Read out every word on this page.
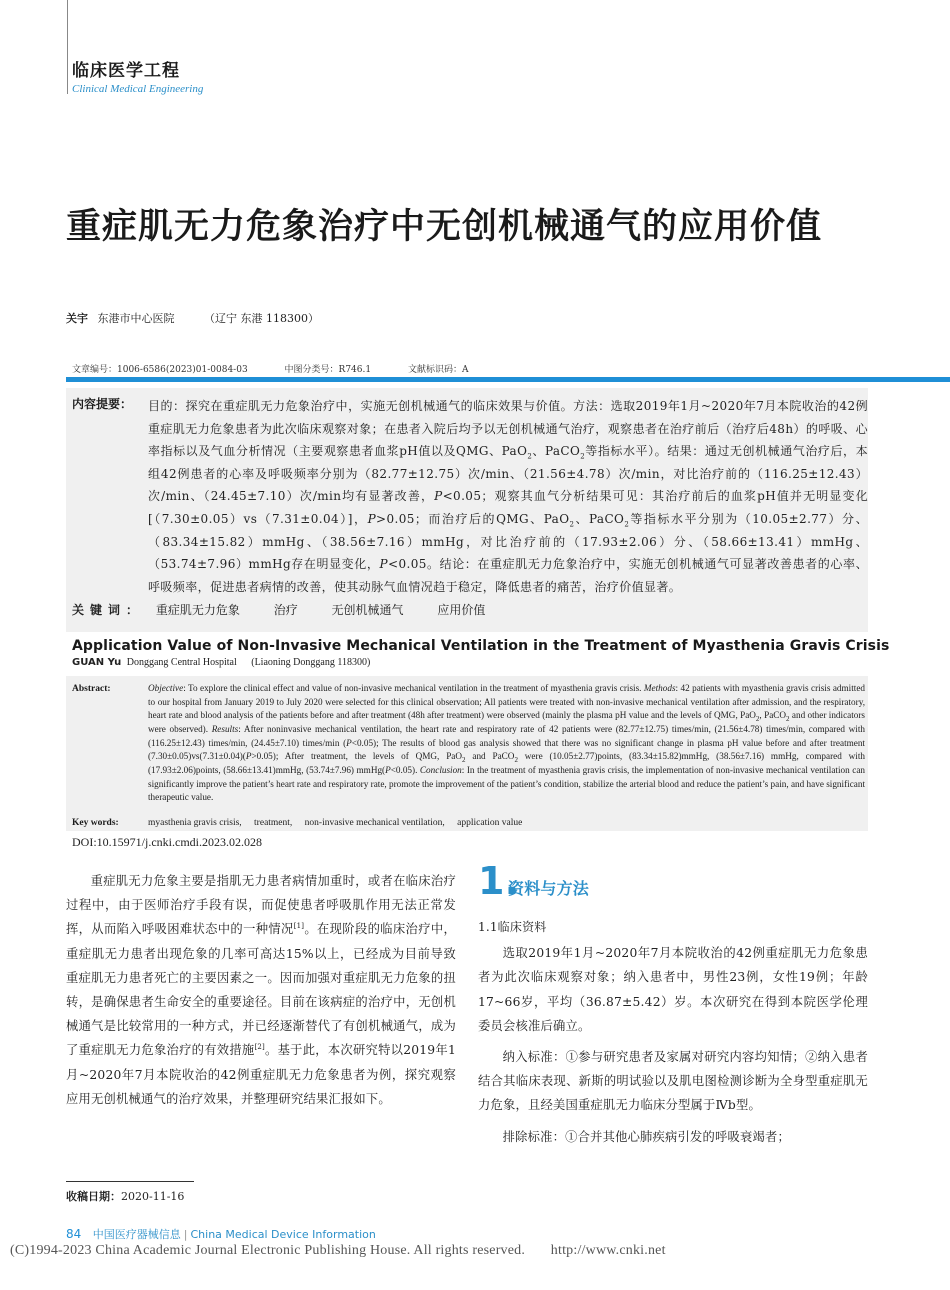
临床医学工程
Clinical Medical Engineering
重症肌无力危象治疗中无创机械通气的应用价值
关宇 东港市中心医院	（辽宁 东港 118300）
文章编号：1006-6586(2023)01-0084-03	中图分类号：R746.1	文献标识码：A
内容提要： 目的：探究在重症肌无力危象治疗中，实施无创机械通气的临床效果与价值。方法：选取2019年1月~2020年7月本院收治的42例重症肌无力危象患者为此次临床观察对象；在患者入院后均予以无创机械通气治疗，观察患者在治疗前后（治疗后48h）的呼吸、心率指标以及气血分析情况（主要观察患者血浆pH值以及QMG、PaO$_2$、PaCO$_2$等指标水平）。结果：通过无创机械通气治疗后，本组42例患者的心率及呼吸频率分别为（82.77±12.75）次/min、（21.56±4.78）次/min，对比治疗前的（116.25±12.43）次/min、（24.45±7.10）次/min均有显著改善，P<0.05；观察其血气分析结果可见：其治疗前后的血浆pH值并无明显变化[（7.30±0.05）vs（7.31±0.04）]，P>0.05；而治疗后的QMG、PaO$_2$、PaCO$_2$等指标水平分别为（10.05±2.77）分、（83.34±15.82）mmHg、（38.56±7.16）mmHg，对比治疗前的（17.93±2.06）分、（58.66±13.41）mmHg、（53.74±7.96）mmHg存在明显变化，P<0.05。结论：在重症肌无力危象治疗中，实施无创机械通气可显著改善患者的心率、呼吸频率，促进患者病情的改善，使其动脉气血情况趋于稳定，降低患者的痛苦，治疗价值显著。
关键词： 重症肌无力危象	治疗	无创机械通气	应用价值
Application Value of Non-Invasive Mechanical Ventilation in the Treatment of Myasthenia Gravis Crisis
GUAN Yu Donggang Central Hospital (Liaoning Donggang 118300)
Abstract:	Objective: To explore the clinical effect and value of non-invasive mechanical ventilation in the treatment of myasthenia gravis crisis. Methods: 42 patients with myasthenia gravis crisis admitted to our hospital from January 2019 to July 2020 were selected for this clinical observation; All patients were treated with non-invasive mechanical ventilation after admission, and the respiratory, heart rate and blood analysis of the patients before and after treatment (48h after treatment) were observed (mainly the plasma pH value and the levels of QMG, PaO$_2$, PaCO$_2$ and other indicators were observed). Results: After noninvasive mechanical ventilation, the heart rate and respiratory rate of 42 patients were (82.77±12.75) times/min, (21.56±4.78) times/min, compared with (116.25±12.43) times/min, (24.45±7.10) times/min (P<0.05); The results of blood gas analysis showed that there was no significant change in plasma pH value before and after treatment (7.30±0.05)vs(7.31±0.04)(P>0.05); After treatment, the levels of QMG, PaO$_2$ and PaCO$_2$ were (10.05±2.77)points, (83.34±15.82)mmHg, (38.56±7.16) mmHg, compared with (17.93±2.06)points, (58.66±13.41)mmHg, (53.74±7.96) mmHg(P<0.05). Conclusion: In the treatment of myasthenia gravis crisis, the implementation of non-invasive mechanical ventilation can significantly improve the patient’s heart rate and respiratory rate, promote the improvement of the patient’s condition, stabilize the arterial blood and reduce the patient’s pain, and have significant therapeutic value.
Key words:	myasthenia gravis crisis, treatment, non-invasive mechanical ventilation, application value
DOI:10.15971/j.cnki.cmdi.2023.02.028

重症肌无力危象主要是指肌无力患者病情加重时，或者在临床治疗过程中，由于医师治疗手段有误，而促使患者呼吸肌作用无法正常发挥，从而陷入呼吸困难状态中的一种情况[1]。在现阶段的临床治疗中，重症肌无力患者出现危象的几率可高达15%以上，已经成为目前导致重症肌无力患者死亡的主要因素之一。因而加强对重症肌无力危象的扭转，是确保患者生命安全的重要途径。目前在该病症的治疗中，无创机械通气是比较常用的一种方式，并已经逐渐替代了有创机械通气，成为了重症肌无力危象治疗的有效措施[2]。基于此，本次研究特以2019年1月~2020年7月本院收治的42例重症肌无力危象患者为例，探究观察应用无创机械通气的治疗效果，并整理研究结果汇报如下。

1.
资料与方法
1.1临床资料

选取2019年1月~2020年7月本院收治的42例重症肌无力危象患者为此次临床观察对象；纳入患者中，男性23例，女性19例；年龄17~66岁，平均（36.87±5.42）岁。本次研究在得到本院医学伦理委员会核准后确立。

纳入标准：①参与研究患者及家属对研究内容均知情；②纳入患者结合其临床表现、新斯的明试验以及肌电图检测诊断为全身型重症肌无力危象，且经美国重症肌无力临床分型属于Ⅳb型。

排除标准：①合并其他心肺疾病引发的呼吸衰竭者；

收稿日期：2020-11-16
84 中国医疗器械信息 | China Medical Device Information
(C)1994-2023 China Academic Journal Electronic Publishing House. All rights reserved. http://www.cnki.net
